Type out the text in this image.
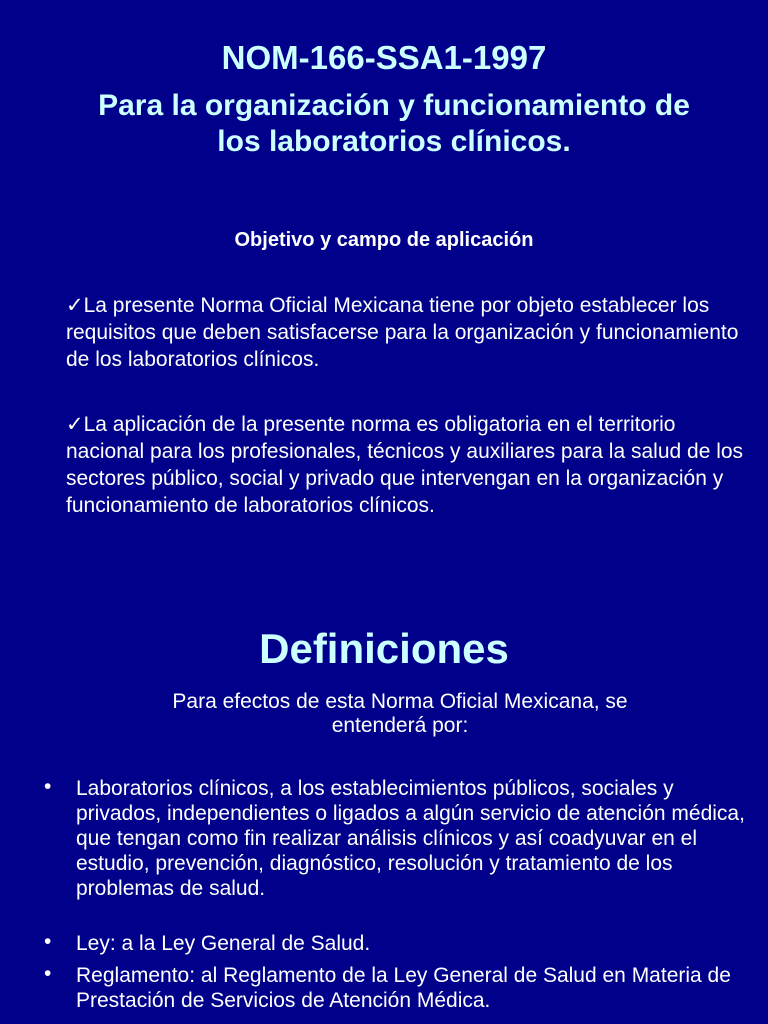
NOM-166-SSA1-1997
Para la organización y funcionamiento de
los laboratorios clínicos.
Objetivo y campo de aplicación
✓La presente Norma Oficial Mexicana tiene por objeto establecer los requisitos que deben satisfacerse para la organización y funcionamiento de los laboratorios clínicos.
✓La aplicación de la presente norma es obligatoria en el territorio nacional para los profesionales, técnicos y auxiliares para la salud de los sectores público, social y privado que intervengan en la organización y funcionamiento de laboratorios clínicos.
Definiciones
Para efectos de esta Norma Oficial Mexicana, se
entenderá por:
• Laboratorios clínicos, a los establecimientos públicos, sociales y privados, independientes o ligados a algún servicio de atención médica, que tengan como fin realizar análisis clínicos y así coadyuvar en el estudio, prevención, diagnóstico, resolución y tratamiento de los problemas de salud.
• Ley: a la Ley General de Salud.
• Reglamento: al Reglamento de la Ley General de Salud en Materia de Prestación de Servicios de Atención Médica.
